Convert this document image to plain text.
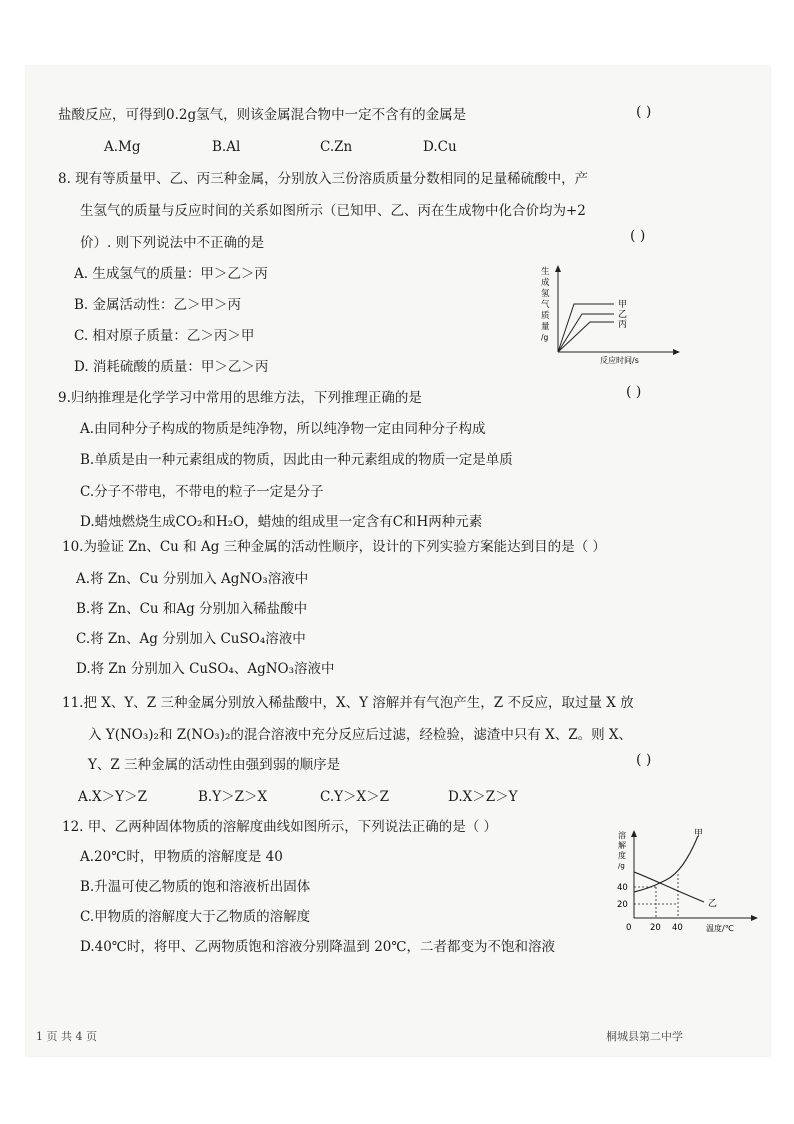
盐酸反应，可得到0.2g氢气，则该金属混合物中一定不含有的金属是	( )
A.Mg	B.Al	C.Zn	D.Cu
8. 现有等质量甲、乙、丙三种金属，分别放入三份溶质质量分数相同的足量稀硫酸中，产
生氢气的质量与反应时间的关系如图所示（已知甲、乙、丙在生成物中化合价均为+2
价）. 则下列说法中不正确的是	( )
A. 生成氢气的质量：甲＞乙＞丙
B. 金属活动性：乙＞甲＞丙
C. 相对原子质量：乙＞丙＞甲
D. 消耗硫酸的质量：甲＞乙＞丙
甲
乙
丙
生
成
氢
气
质
量
/g
反应时间/s
9.归纳推理是化学学习中常用的思维方法，下列推理正确的是	( )
A.由同种分子构成的物质是纯净物，所以纯净物一定由同种分子构成
B.单质是由一种元素组成的物质，因此由一种元素组成的物质一定是单质
C.分子不带电，不带电的粒子一定是分子
D.蜡烛燃烧生成CO₂和H₂O，蜡烛的组成里一定含有C和H两种元素
10.为验证 Zn、Cu 和 Ag 三种金属的活动性顺序，设计的下列实验方案能达到目的是（ ）
A.将 Zn、Cu 分别加入 AgNO₃溶液中
B.将 Zn、Cu 和Ag 分别加入稀盐酸中
C.将 Zn、Ag 分别加入 CuSO₄溶液中
D.将 Zn 分别加入 CuSO₄、AgNO₃溶液中
11.把 X、Y、Z 三种金属分别放入稀盐酸中，X、Y 溶解并有气泡产生，Z 不反应，取过量 X 放
入 Y(NO₃)₂和 Z(NO₃)₂的混合溶液中充分反应后过滤，经检验，滤渣中只有 X、Z。则 X、
Y、Z 三种金属的活动性由强到弱的顺序是	( )
A.X＞Y＞Z	B.Y＞Z＞X	C.Y＞X＞Z	D.X＞Z＞Y
12. 甲、乙两种固体物质的溶解度曲线如图所示，下列说法正确的是（ ）
A.20℃时，甲物质的溶解度是 40
B.升温可使乙物质的饱和溶液析出固体
C.甲物质的溶解度大于乙物质的溶解度
D.40℃时，将甲、乙两物质饱和溶液分别降温到 20℃，二者都变为不饱和溶液
甲
乙
40
20
0 20 40	温度/℃
溶
解
度
/g
1 页 共 4 页	桐城县第二中学
